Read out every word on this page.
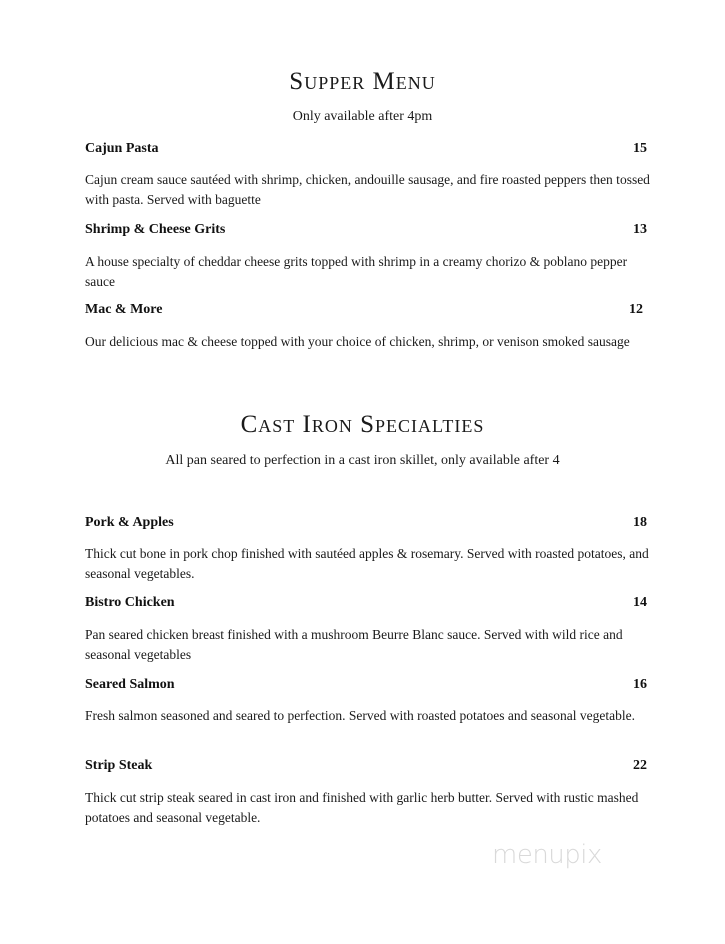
Supper Menu
Only available after 4pm
Cajun Pasta	15
Cajun cream sauce sautéed with shrimp, chicken, andouille sausage, and fire roasted peppers then tossed with pasta. Served with baguette
Shrimp & Cheese Grits	13
A house specialty of cheddar cheese grits topped with shrimp in a creamy chorizo & poblano pepper sauce
Mac & More	12
Our delicious mac & cheese topped with your choice of chicken, shrimp, or venison smoked sausage
Cast Iron Specialties
All pan seared to perfection in a cast iron skillet, only available after 4
Pork & Apples	18
Thick cut bone in pork chop finished with sautéed apples & rosemary. Served with roasted potatoes, and seasonal vegetables.
Bistro Chicken	14
Pan seared chicken breast finished with a mushroom Beurre Blanc sauce. Served with wild rice and seasonal vegetables
Seared Salmon	16
Fresh salmon seasoned and seared to perfection. Served with roasted potatoes and seasonal vegetable.
Strip Steak	22
Thick cut strip steak seared in cast iron and finished with garlic herb butter. Served with rustic mashed potatoes and seasonal vegetable.
menupix
